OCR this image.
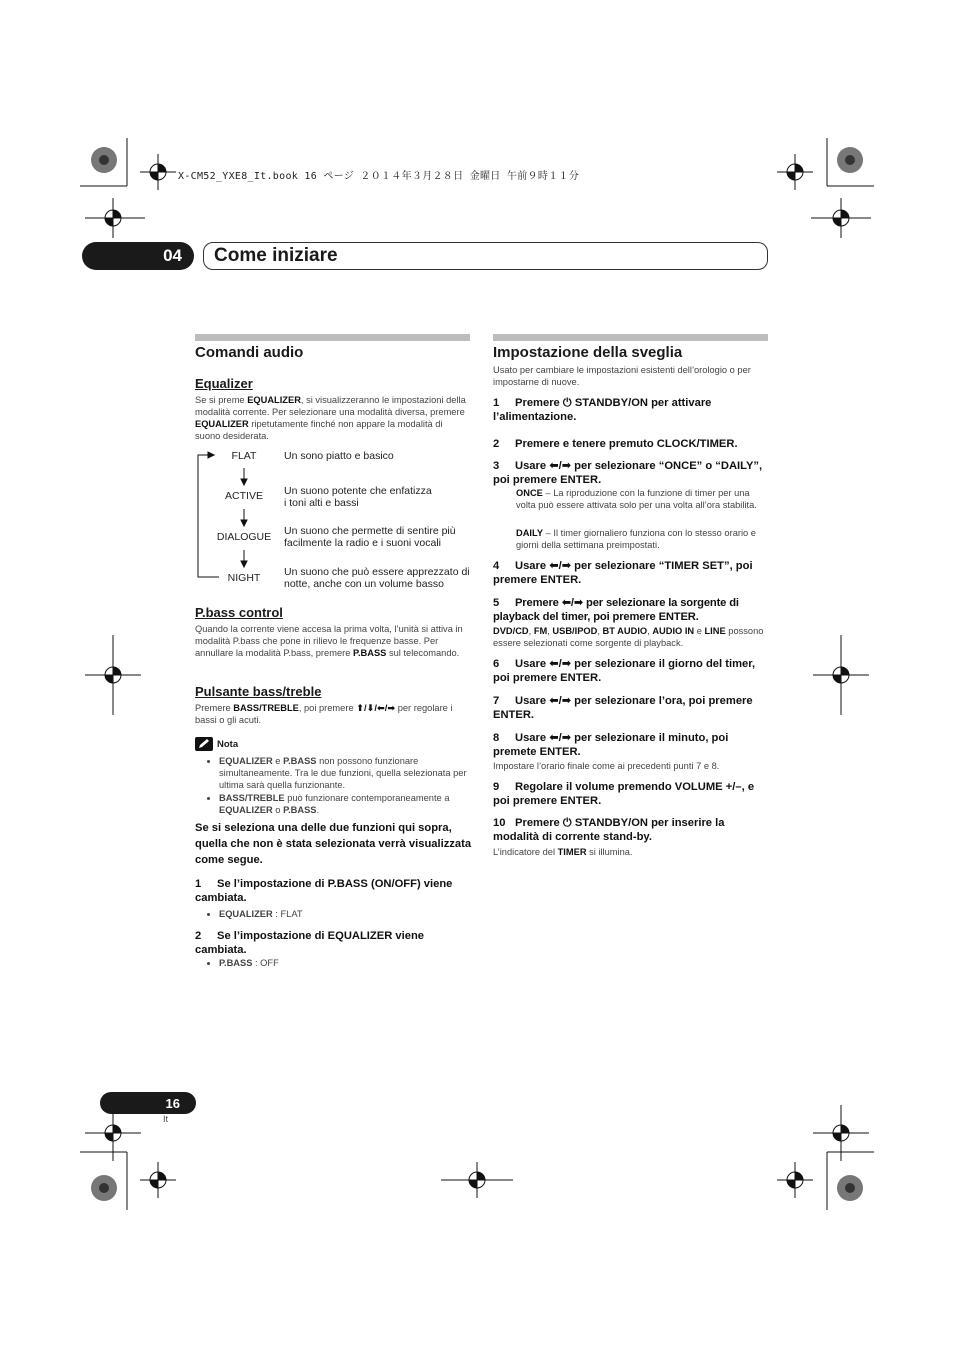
X-CM52_YXE8_It.book 16 ページ ２０１４年３月２８日 金曜日 午前９時１１分
04	Come iniziare
Comandi audio
Equalizer
Se si preme EQUALIZER, si visualizzeranno le impostazioni della modalità corrente. Per selezionare una modalità diversa, premere EQUALIZER ripetutamente finché non appare la modalità di suono desiderata.
FLAT	Un sono piatto e basico
ACTIVE	Un suono potente che enfatizza i toni alti e bassi
DIALOGUE	Un suono che permette di sentire più facilmente la radio e i suoni vocali
NIGHT	Un suono che può essere apprezzato di notte, anche con un volume basso
P.bass control
Quando la corrente viene accesa la prima volta, l’unità si attiva in modalità P.bass che pone in rilievo le frequenze basse. Per annullare la modalità P.bass, premere P.BASS sul telecomando.
Pulsante bass/treble
Premere BASS/TREBLE, poi premere ⬆/⬇/⬅/➡ per regolare i bassi o gli acuti.
Nota
• EQUALIZER e P.BASS non possono funzionare simultaneamente. Tra le due funzioni, quella selezionata per ultima sarà quella funzionante.
• BASS/TREBLE può funzionare contemporaneamente a EQUALIZER o P.BASS.
Se si seleziona una delle due funzioni qui sopra, quella che non è stata selezionata verrà visualizzata come segue.
1 Se l’impostazione di P.BASS (ON/OFF) viene cambiata.
• EQUALIZER : FLAT
2 Se l’impostazione di EQUALIZER viene cambiata.
• P.BASS : OFF
Impostazione della sveglia
Usato per cambiare le impostazioni esistenti dell’orologio o per impostarne di nuove.
1 Premere ⏻ STANDBY/ON per attivare l’alimentazione.
2 Premere e tenere premuto CLOCK/TIMER.
3 Usare ⬅/➡ per selezionare “ONCE” o “DAILY”, poi premere ENTER.
ONCE – La riproduzione con la funzione di timer per una volta può essere attivata solo per una volta all’ora stabilita.
DAILY – Il timer giornaliero funziona con lo stesso orario e giorni della settimana preimpostati.
4 Usare ⬅/➡ per selezionare “TIMER SET”, poi premere ENTER.
5 Premere ⬅/➡ per selezionare la sorgente di playback del timer, poi premere ENTER.
DVD/CD, FM, USB/IPOD, BT AUDIO, AUDIO IN e LINE possono essere selezionati come sorgente di playback.
6 Usare ⬅/➡ per selezionare il giorno del timer, poi premere ENTER.
7 Usare ⬅/➡ per selezionare l’ora, poi premere ENTER.
8 Usare ⬅/➡ per selezionare il minuto, poi premete ENTER.
Impostare l’orario finale come ai precedenti punti 7 e 8.
9 Regolare il volume premendo VOLUME +/–, e poi premere ENTER.
10 Premere ⏻ STANDBY/ON per inserire la modalità di corrente stand-by.
L’indicatore del TIMER si illumina.
16
It
